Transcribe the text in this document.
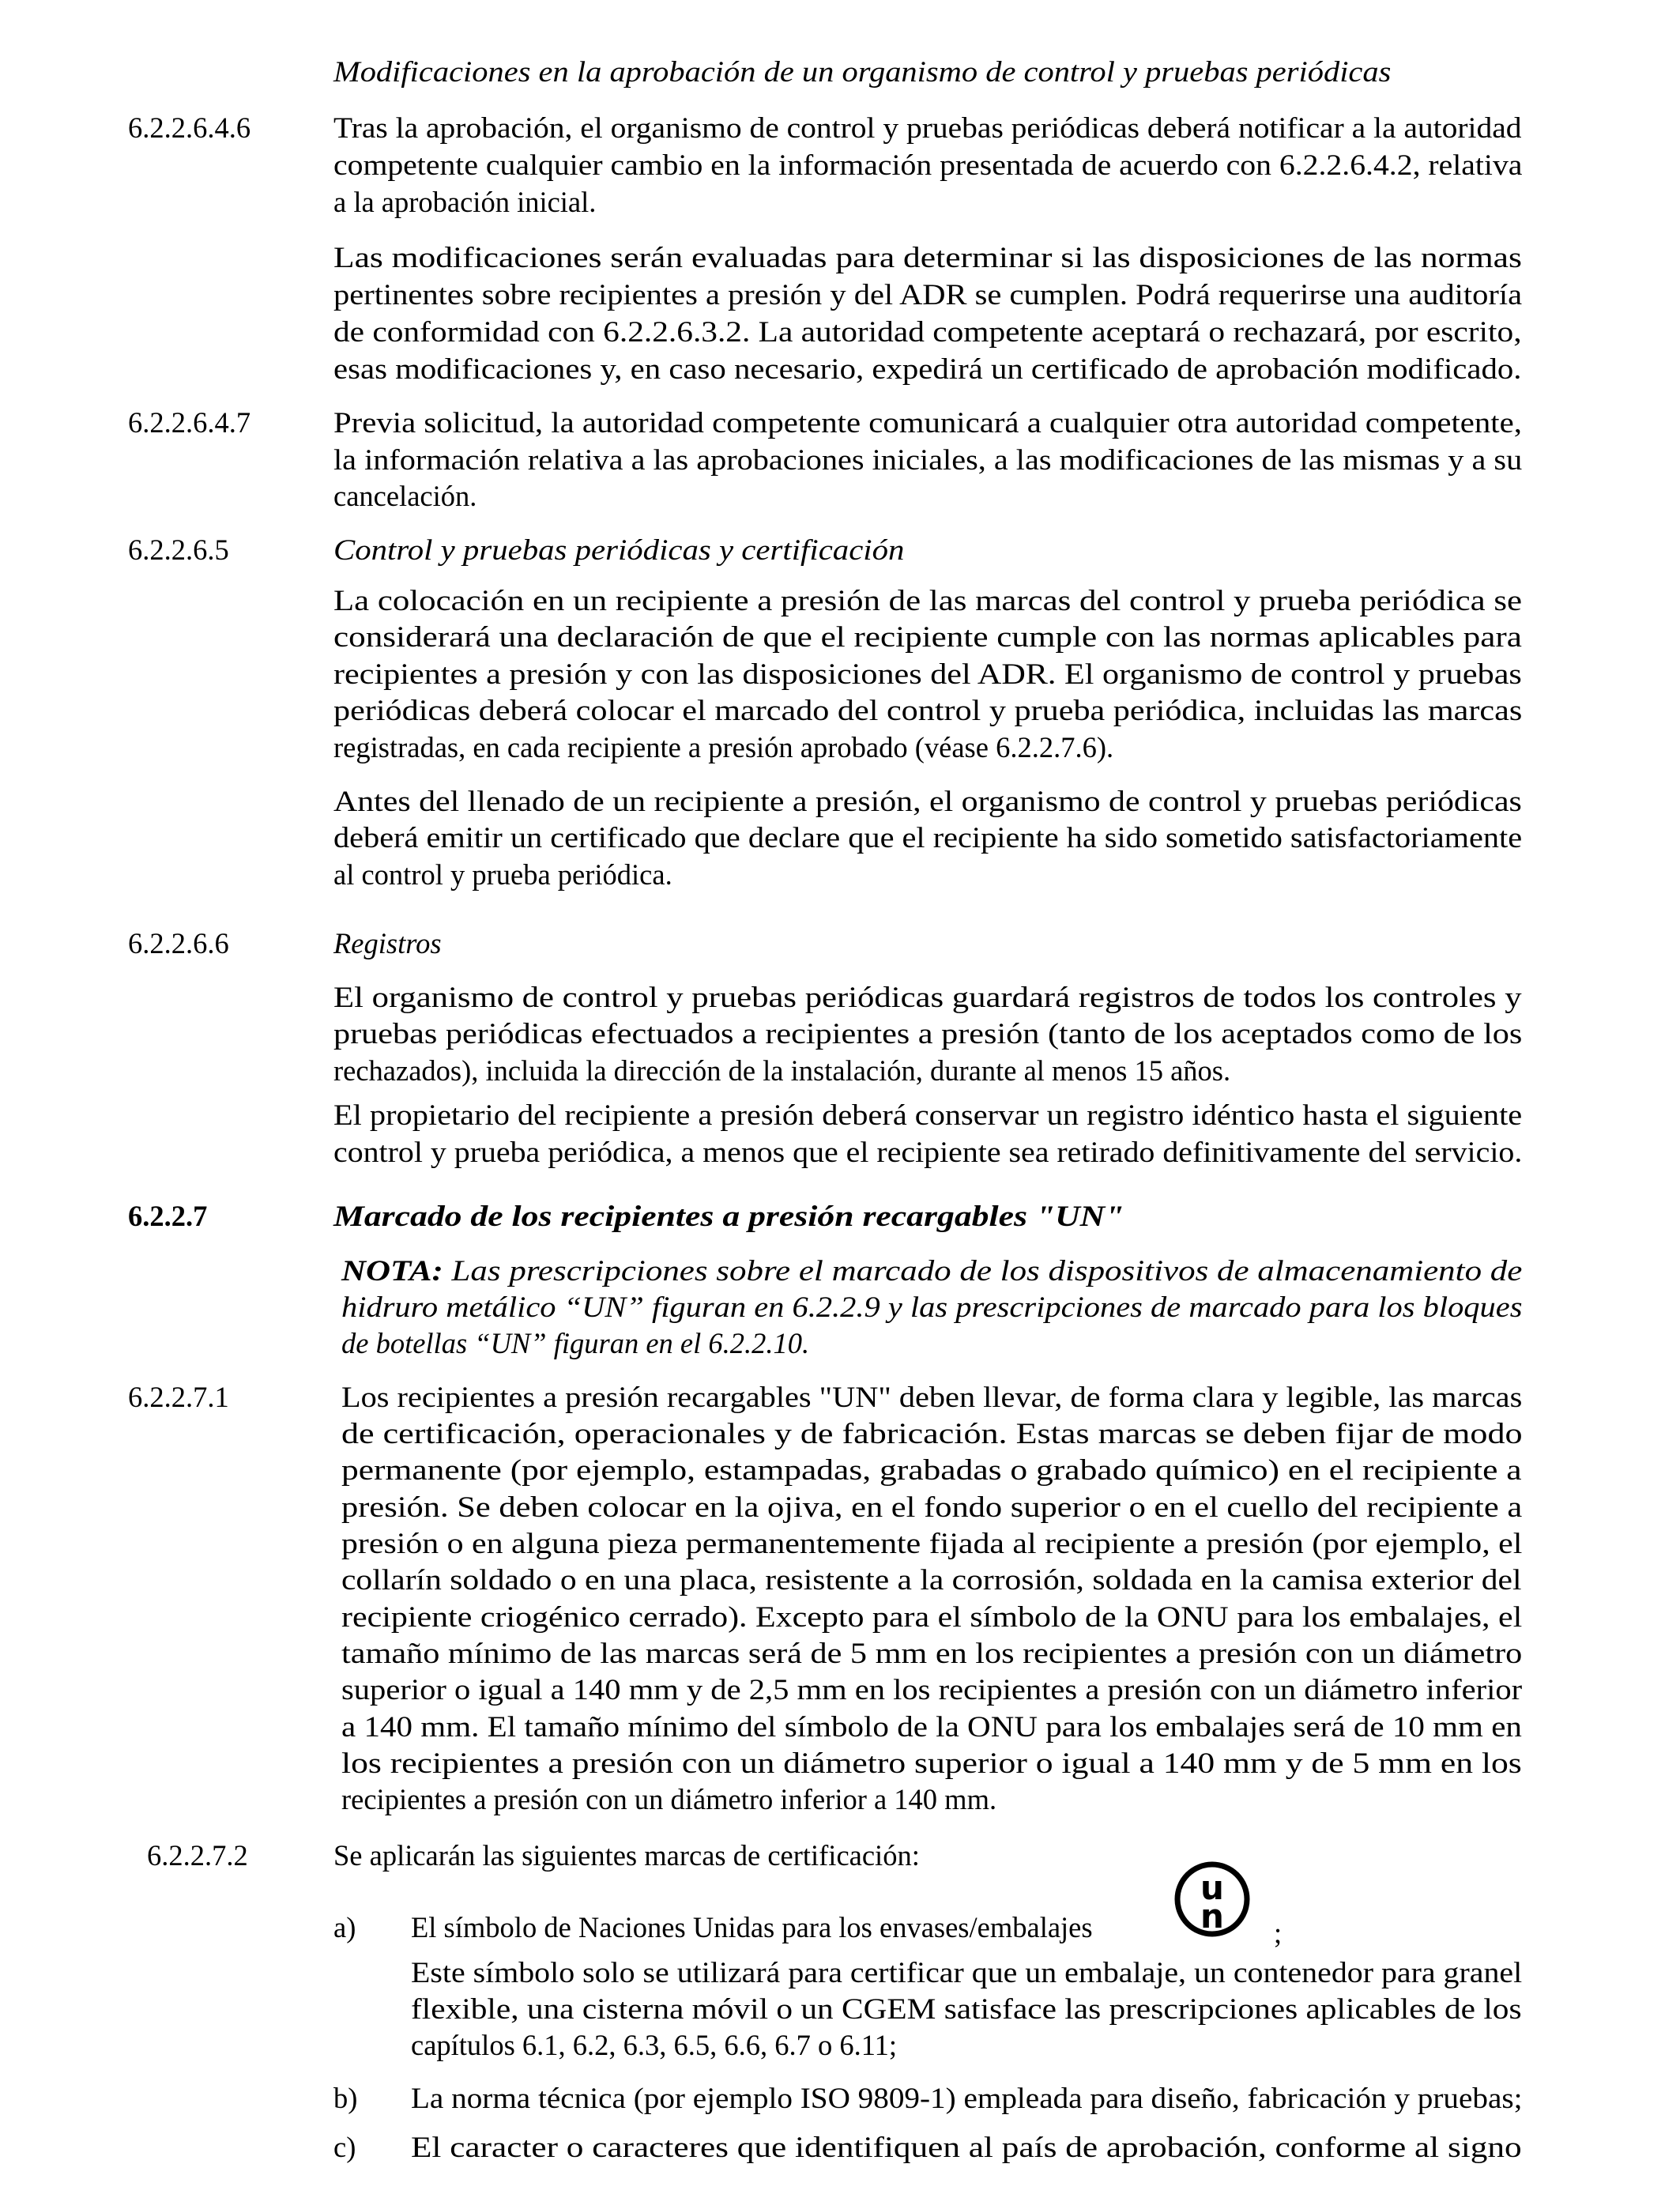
Modificaciones en la aprobación de un organismo de control y pruebas periódicas
6.2.2.6.4.6	Tras la aprobación, el organismo de control y pruebas periódicas deberá notificar a la autoridad
competente cualquier cambio en la información presentada de acuerdo con 6.2.2.6.4.2, relativa
a la aprobación inicial.
Las modificaciones serán evaluadas para determinar si las disposiciones de las normas
pertinentes sobre recipientes a presión y del ADR se cumplen. Podrá requerirse una auditoría
de conformidad con 6.2.2.6.3.2. La autoridad competente aceptará o rechazará, por escrito,
esas modificaciones y, en caso necesario, expedirá un certificado de aprobación modificado.
6.2.2.6.4.7	Previa solicitud, la autoridad competente comunicará a cualquier otra autoridad competente,
la información relativa a las aprobaciones iniciales, a las modificaciones de las mismas y a su
cancelación.
6.2.2.6.5	Control y pruebas periódicas y certificación
La colocación en un recipiente a presión de las marcas del control y prueba periódica se
considerará una declaración de que el recipiente cumple con las normas aplicables para
recipientes a presión y con las disposiciones del ADR. El organismo de control y pruebas
periódicas deberá colocar el marcado del control y prueba periódica, incluidas las marcas
registradas, en cada recipiente a presión aprobado (véase 6.2.2.7.6).
Antes del llenado de un recipiente a presión, el organismo de control y pruebas periódicas
deberá emitir un certificado que declare que el recipiente ha sido sometido satisfactoriamente
al control y prueba periódica.
6.2.2.6.6	Registros
El organismo de control y pruebas periódicas guardará registros de todos los controles y
pruebas periódicas efectuados a recipientes a presión (tanto de los aceptados como de los
rechazados), incluida la dirección de la instalación, durante al menos 15 años.
El propietario del recipiente a presión deberá conservar un registro idéntico hasta el siguiente
control y prueba periódica, a menos que el recipiente sea retirado definitivamente del servicio.
6.2.2.7	Marcado de los recipientes a presión recargables "UN"
NOTA: Las prescripciones sobre el marcado de los dispositivos de almacenamiento de
hidruro metálico “UN” figuran en 6.2.2.9 y las prescripciones de marcado para los bloques
de botellas “UN” figuran en el 6.2.2.10.
6.2.2.7.1	Los recipientes a presión recargables "UN" deben llevar, de forma clara y legible, las marcas
de certificación, operacionales y de fabricación. Estas marcas se deben fijar de modo
permanente (por ejemplo, estampadas, grabadas o grabado químico) en el recipiente a
presión. Se deben colocar en la ojiva, en el fondo superior o en el cuello del recipiente a
presión o en alguna pieza permanentemente fijada al recipiente a presión (por ejemplo, el
collarín soldado o en una placa, resistente a la corrosión, soldada en la camisa exterior del
recipiente criogénico cerrado). Excepto para el símbolo de la ONU para los embalajes, el
tamaño mínimo de las marcas será de 5 mm en los recipientes a presión con un diámetro
superior o igual a 140 mm y de 2,5 mm en los recipientes a presión con un diámetro inferior
a 140 mm. El tamaño mínimo del símbolo de la ONU para los embalajes será de 10 mm en
los recipientes a presión con un diámetro superior o igual a 140 mm y de 5 mm en los
recipientes a presión con un diámetro inferior a 140 mm.
6.2.2.7.2	Se aplicarán las siguientes marcas de certificación:
a) El símbolo de Naciones Unidas para los envases/embalajes
u
n ;
Este símbolo solo se utilizará para certificar que un embalaje, un contenedor para granel
flexible, una cisterna móvil o un CGEM satisface las prescripciones aplicables de los
capítulos 6.1, 6.2, 6.3, 6.5, 6.6, 6.7 o 6.11;
b) La norma técnica (por ejemplo ISO 9809-1) empleada para diseño, fabricación y pruebas;
c) El caracter o caracteres que identifiquen al país de aprobación, conforme al signo
